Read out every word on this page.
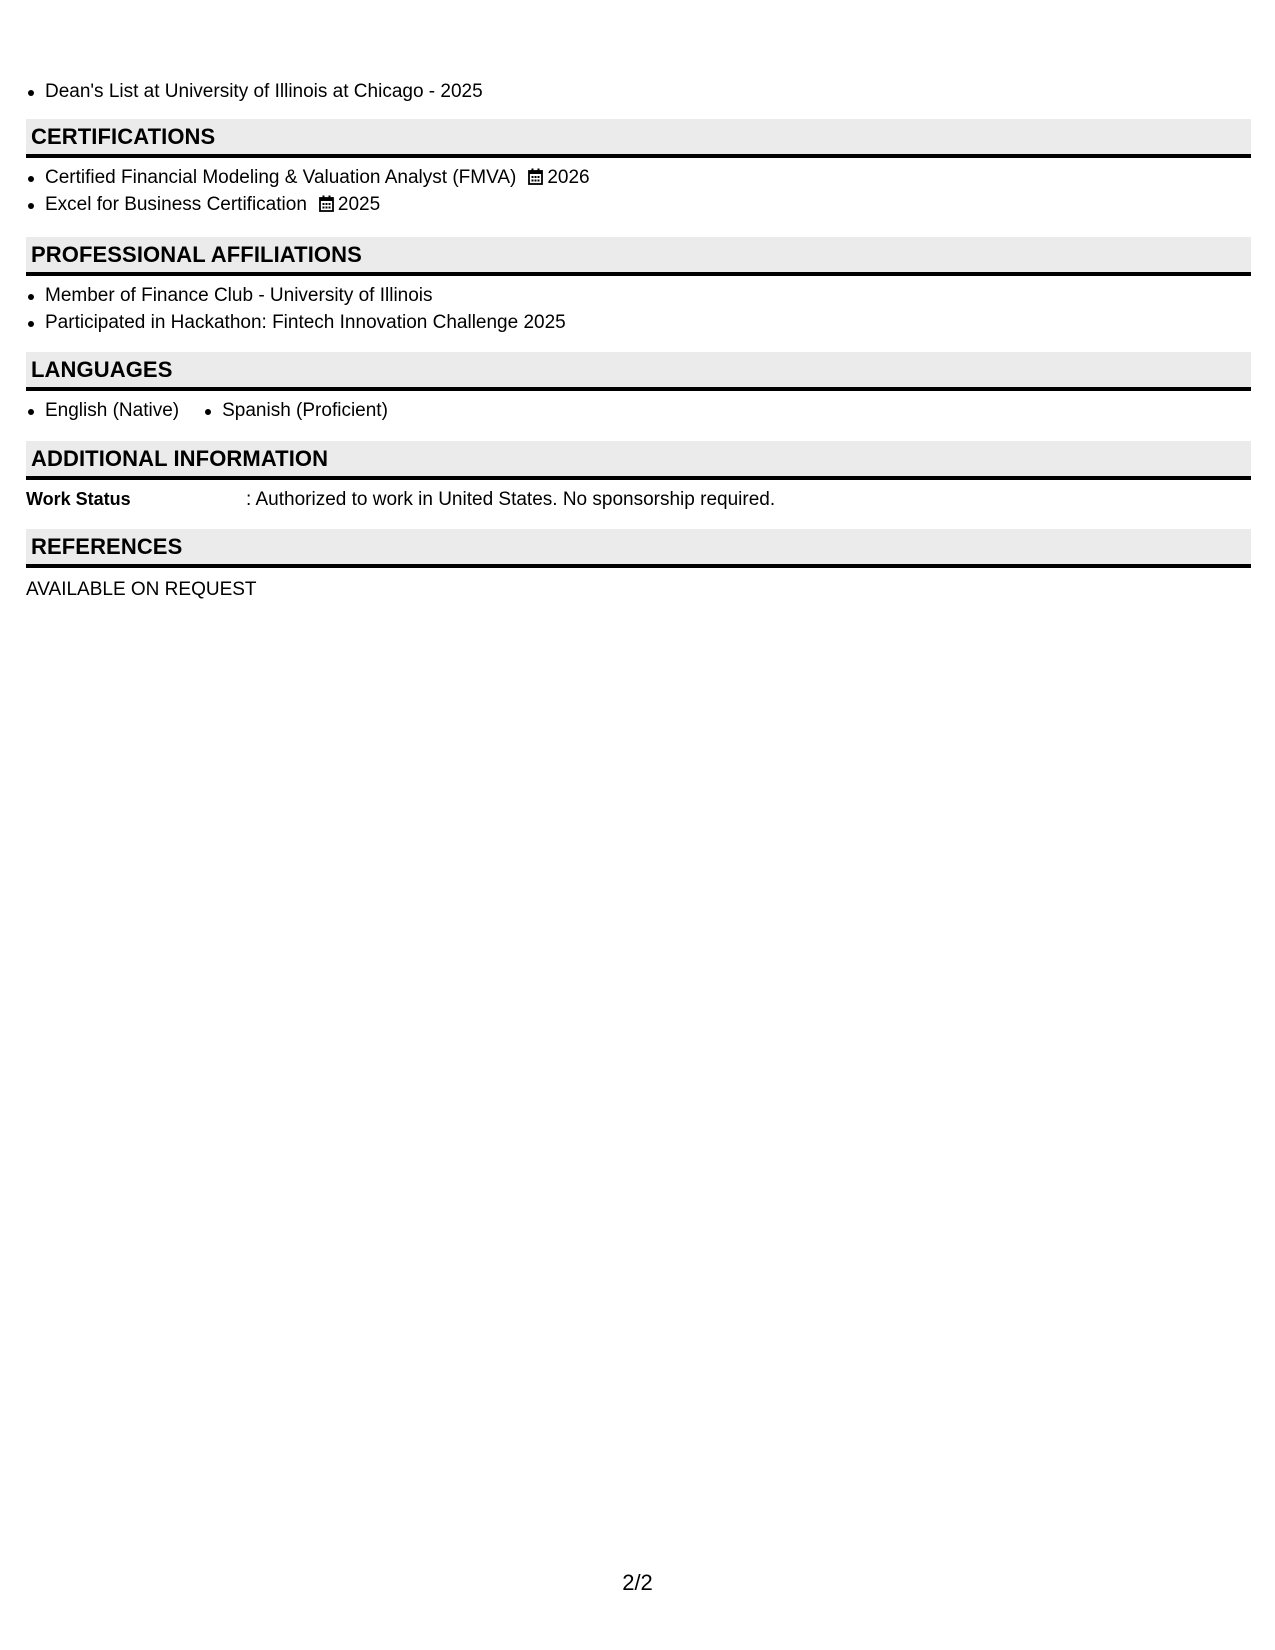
Dean's List at University of Illinois at Chicago - 2025
CERTIFICATIONS
Certified Financial Modeling & Valuation Analyst (FMVA) 2026
Excel for Business Certification 2025
PROFESSIONAL AFFILIATIONS
Member of Finance Club - University of Illinois
Participated in Hackathon: Fintech Innovation Challenge 2025
LANGUAGES
English (Native)	Spanish (Proficient)
ADDITIONAL INFORMATION
Work Status	: Authorized to work in United States. No sponsorship required.
REFERENCES
AVAILABLE ON REQUEST
2/2
